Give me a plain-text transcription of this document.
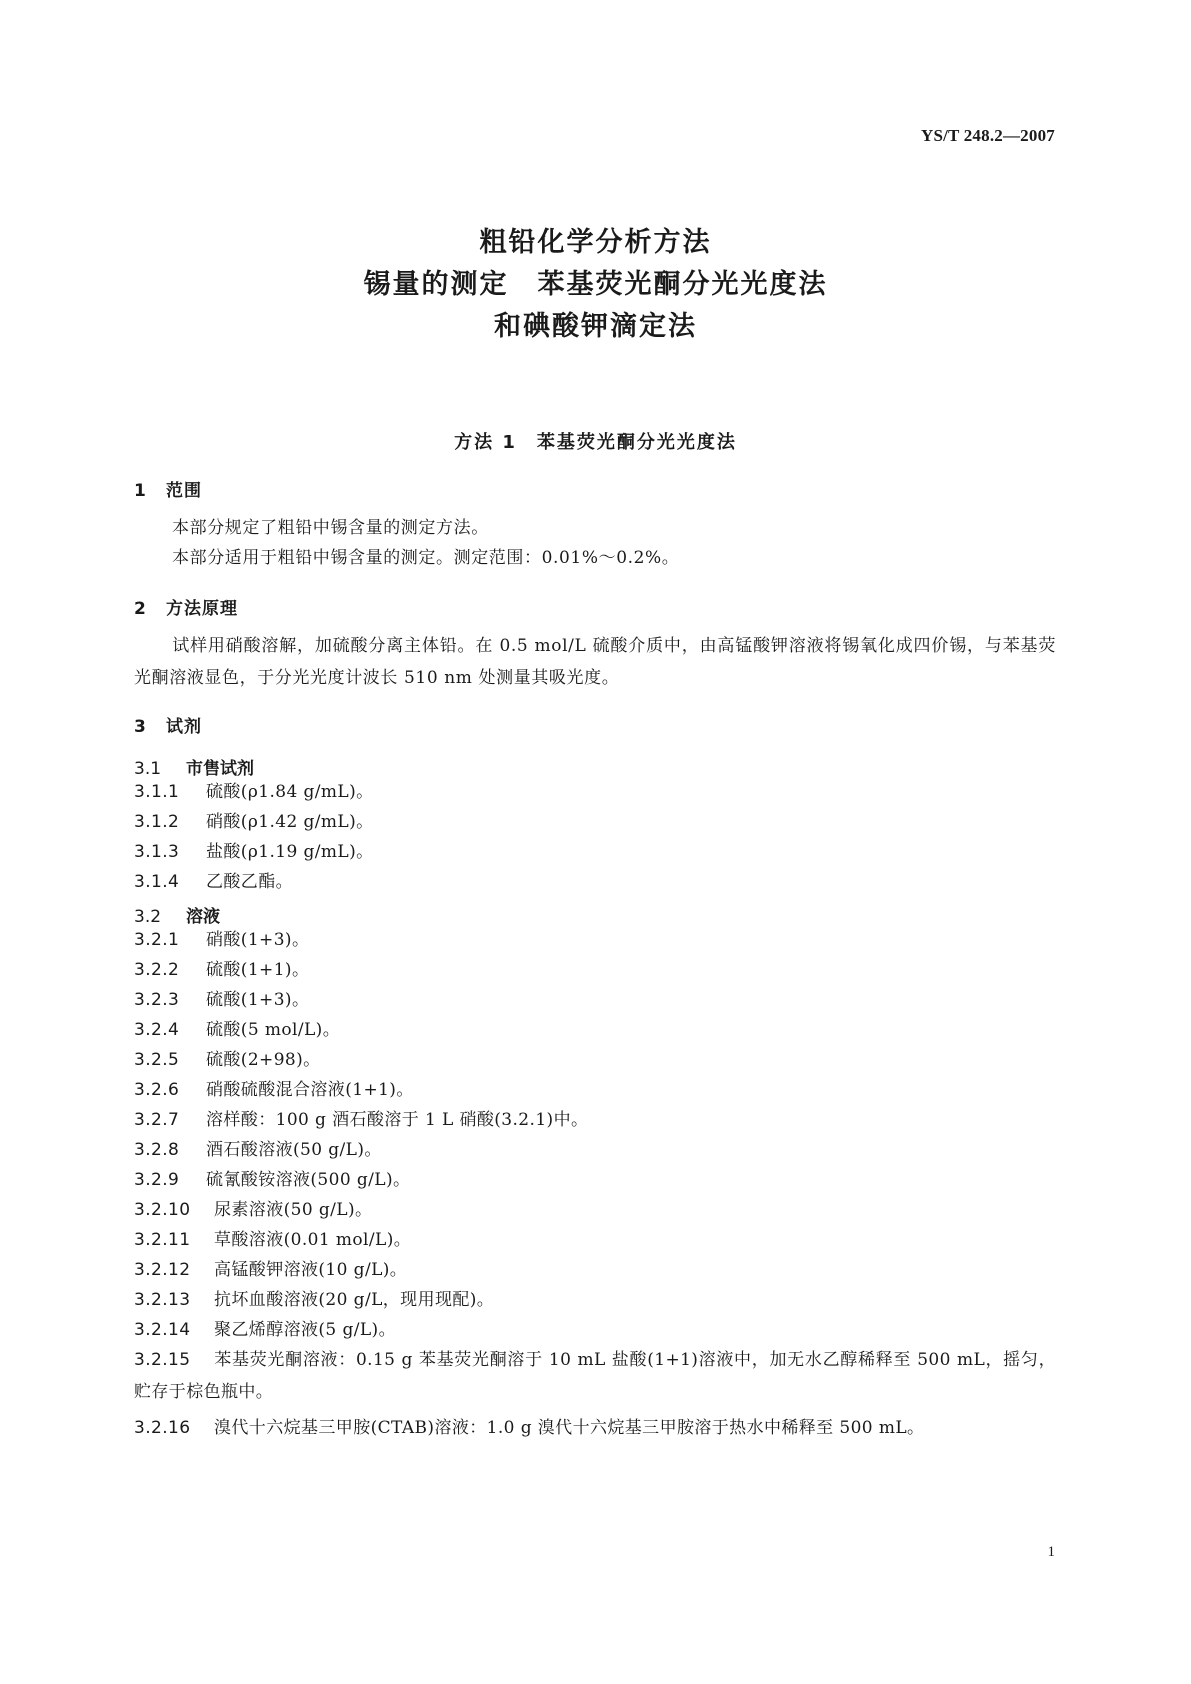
YS/T 248.2—2007
粗铅化学分析方法
锡量的测定　苯基荧光酮分光光度法
和碘酸钾滴定法
方法 1　苯基荧光酮分光光度法
1 范围
本部分规定了粗铅中锡含量的测定方法。
本部分适用于粗铅中锡含量的测定。测定范围：0.01%～0.2%。
2 方法原理
试样用硝酸溶解，加硫酸分离主体铅。在 0.5 mol/L 硫酸介质中，由高锰酸钾溶液将锡氧化成四价锡，与苯基荧光酮溶液显色，于分光光度计波长 510 nm 处测量其吸光度。
3 试剂
3.1 市售试剂
3.1.1 硫酸(ρ1.84 g/mL)。
3.1.2 硝酸(ρ1.42 g/mL)。
3.1.3 盐酸(ρ1.19 g/mL)。
3.1.4 乙酸乙酯。
3.2 溶液
3.2.1 硝酸(1+3)。
3.2.2 硫酸(1+1)。
3.2.3 硫酸(1+3)。
3.2.4 硫酸(5 mol/L)。
3.2.5 硫酸(2+98)。
3.2.6 硝酸硫酸混合溶液(1+1)。
3.2.7 溶样酸：100 g 酒石酸溶于 1 L 硝酸(3.2.1)中。
3.2.8 酒石酸溶液(50 g/L)。
3.2.9 硫氰酸铵溶液(500 g/L)。
3.2.10 尿素溶液(50 g/L)。
3.2.11 草酸溶液(0.01 mol/L)。
3.2.12 高锰酸钾溶液(10 g/L)。
3.2.13 抗坏血酸溶液(20 g/L，现用现配)。
3.2.14 聚乙烯醇溶液(5 g/L)。
3.2.15 苯基荧光酮溶液：0.15 g 苯基荧光酮溶于 10 mL 盐酸(1+1)溶液中，加无水乙醇稀释至 500 mL，摇匀，贮存于棕色瓶中。
3.2.16 溴代十六烷基三甲胺(CTAB)溶液：1.0 g 溴代十六烷基三甲胺溶于热水中稀释至 500 mL。
1
